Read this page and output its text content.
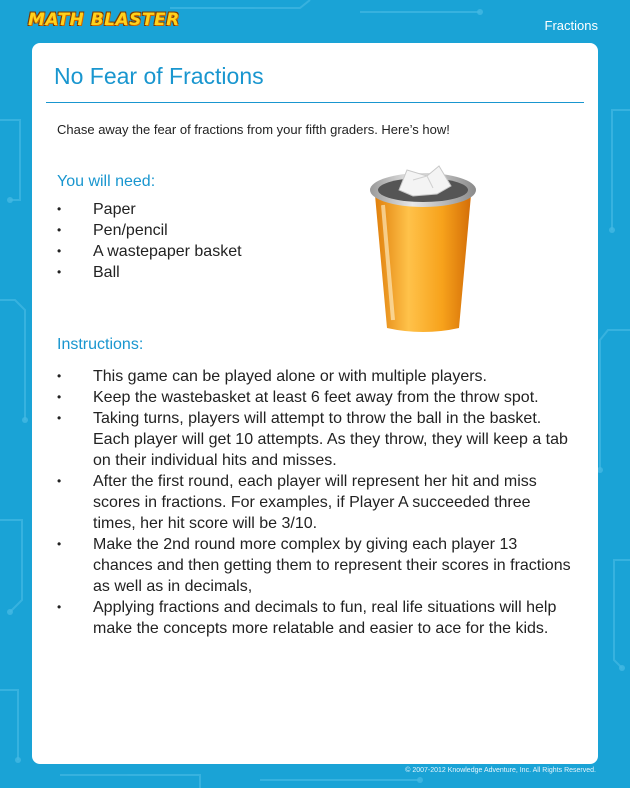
MATH BLASTER	Fractions
No Fear of Fractions
Chase away the fear of fractions from your fifth graders. Here’s how!
You will need:
• Paper
• Pen/pencil
• A wastepaper basket
• Ball
Instructions:
• This game can be played alone or with multiple players.
• Keep the wastebasket at least 6 feet away from the throw spot.
• Taking turns, players will attempt to throw the ball in the basket. Each player will get 10 attempts. As they throw, they will keep a tab on their individual hits and misses.
• After the first round, each player will represent her hit and miss scores in fractions. For examples, if Player A succeeded three times, her hit score will be 3/10.
• Make the 2nd round more complex by giving each player 13 chances and then getting them to represent their scores in fractions as well as in decimals,
• Applying fractions and decimals to fun, real life situations will help make the concepts more relatable and easier to ace for the kids.
© 2007-2012 Knowledge Adventure, Inc. All Rights Reserved.
